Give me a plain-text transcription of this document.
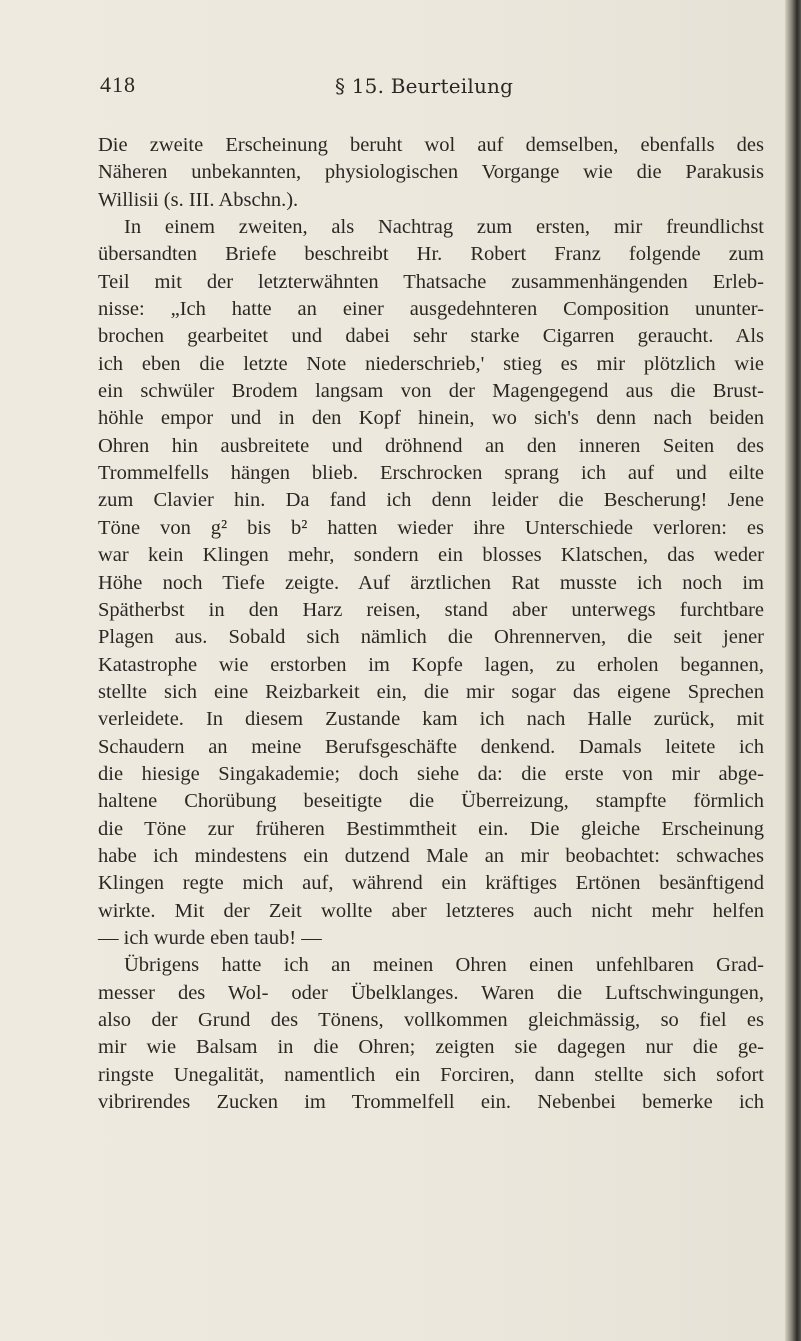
418	§ 15. Beurteilung
Die zweite Erscheinung beruht wol auf demselben, ebenfalls des
Näheren unbekannten, physiologischen Vorgange wie die Parakusis
Willisii (s. III. Abschn.).
In einem zweiten, als Nachtrag zum ersten, mir freundlichst
übersandten Briefe beschreibt Hr. Robert Franz folgende zum
Teil mit der letzterwähnten Thatsache zusammenhängenden Erleb-
nisse: „Ich hatte an einer ausgedehnteren Composition ununter-
brochen gearbeitet und dabei sehr starke Cigarren geraucht. Als
ich eben die letzte Note niederschrieb,' stieg es mir plötzlich wie
ein schwüler Brodem langsam von der Magengegend aus die Brust-
höhle empor und in den Kopf hinein, wo sich's denn nach beiden
Ohren hin ausbreitete und dröhnend an den inneren Seiten des
Trommelfells hängen blieb. Erschrocken sprang ich auf und eilte
zum Clavier hin. Da fand ich denn leider die Bescherung! Jene
Töne von g² bis b² hatten wieder ihre Unterschiede verloren: es
war kein Klingen mehr, sondern ein blosses Klatschen, das weder
Höhe noch Tiefe zeigte. Auf ärztlichen Rat musste ich noch im
Spätherbst in den Harz reisen, stand aber unterwegs furchtbare
Plagen aus. Sobald sich nämlich die Ohrennerven, die seit jener
Katastrophe wie erstorben im Kopfe lagen, zu erholen begannen,
stellte sich eine Reizbarkeit ein, die mir sogar das eigene Sprechen
verleidete. In diesem Zustande kam ich nach Halle zurück, mit
Schaudern an meine Berufsgeschäfte denkend. Damals leitete ich
die hiesige Singakademie; doch siehe da: die erste von mir abge-
haltene Chorübung beseitigte die Überreizung, stampfte förmlich
die Töne zur früheren Bestimmtheit ein. Die gleiche Erscheinung
habe ich mindestens ein dutzend Male an mir beobachtet: schwaches
Klingen regte mich auf, während ein kräftiges Ertönen besänftigend
wirkte. Mit der Zeit wollte aber letzteres auch nicht mehr helfen
— ich wurde eben taub! —
Übrigens hatte ich an meinen Ohren einen unfehlbaren Grad-
messer des Wol- oder Übelklanges. Waren die Luftschwingungen,
also der Grund des Tönens, vollkommen gleichmässig, so fiel es
mir wie Balsam in die Ohren; zeigten sie dagegen nur die ge-
ringste Unegalität, namentlich ein Forciren, dann stellte sich sofort
vibrirendes Zucken im Trommelfell ein. Nebenbei bemerke ich
